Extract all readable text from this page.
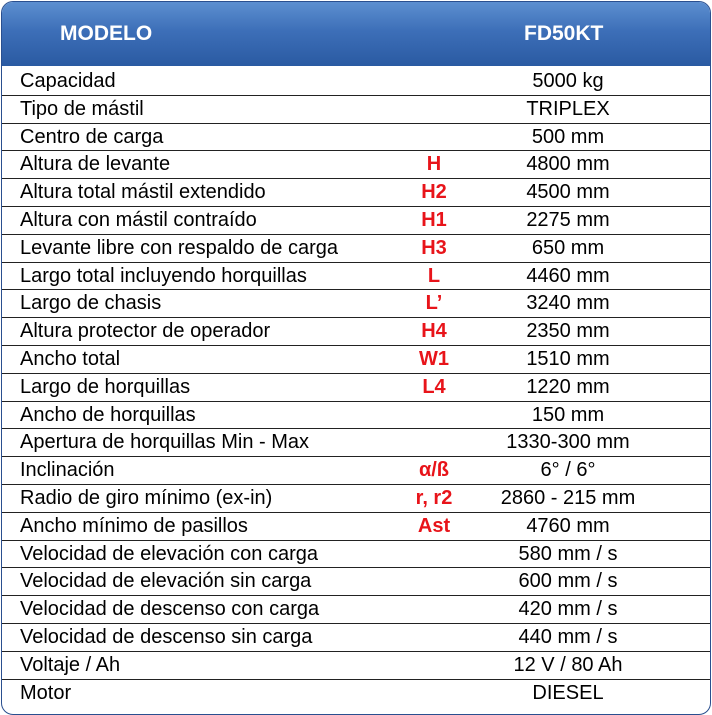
MODELO	FD50KT
Capacidad	5000 kg
Tipo de mástil	TRIPLEX
Centro de carga	500 mm
Altura de levante	H	4800 mm
Altura total mástil extendido	H2	4500 mm
Altura con mástil contraído	H1	2275 mm
Levante libre con respaldo de carga	H3	650 mm
Largo total incluyendo horquillas	L	4460 mm
Largo de chasis	L’	3240 mm
Altura protector de operador	H4	2350 mm
Ancho total	W1	1510 mm
Largo de horquillas	L4	1220 mm
Ancho de horquillas	150 mm
Apertura de horquillas Min - Max	1330-300 mm
Inclinación	α/ß	6° / 6°
Radio de giro mínimo (ex-in)	r, r2	2860 - 215 mm
Ancho mínimo de pasillos	Ast	4760 mm
Velocidad de elevación con carga	580 mm / s
Velocidad de elevación sin carga	600 mm / s
Velocidad de descenso con carga	420 mm / s
Velocidad de descenso sin carga	440 mm / s
Voltaje / Ah	12 V / 80 Ah
Motor	DIESEL
